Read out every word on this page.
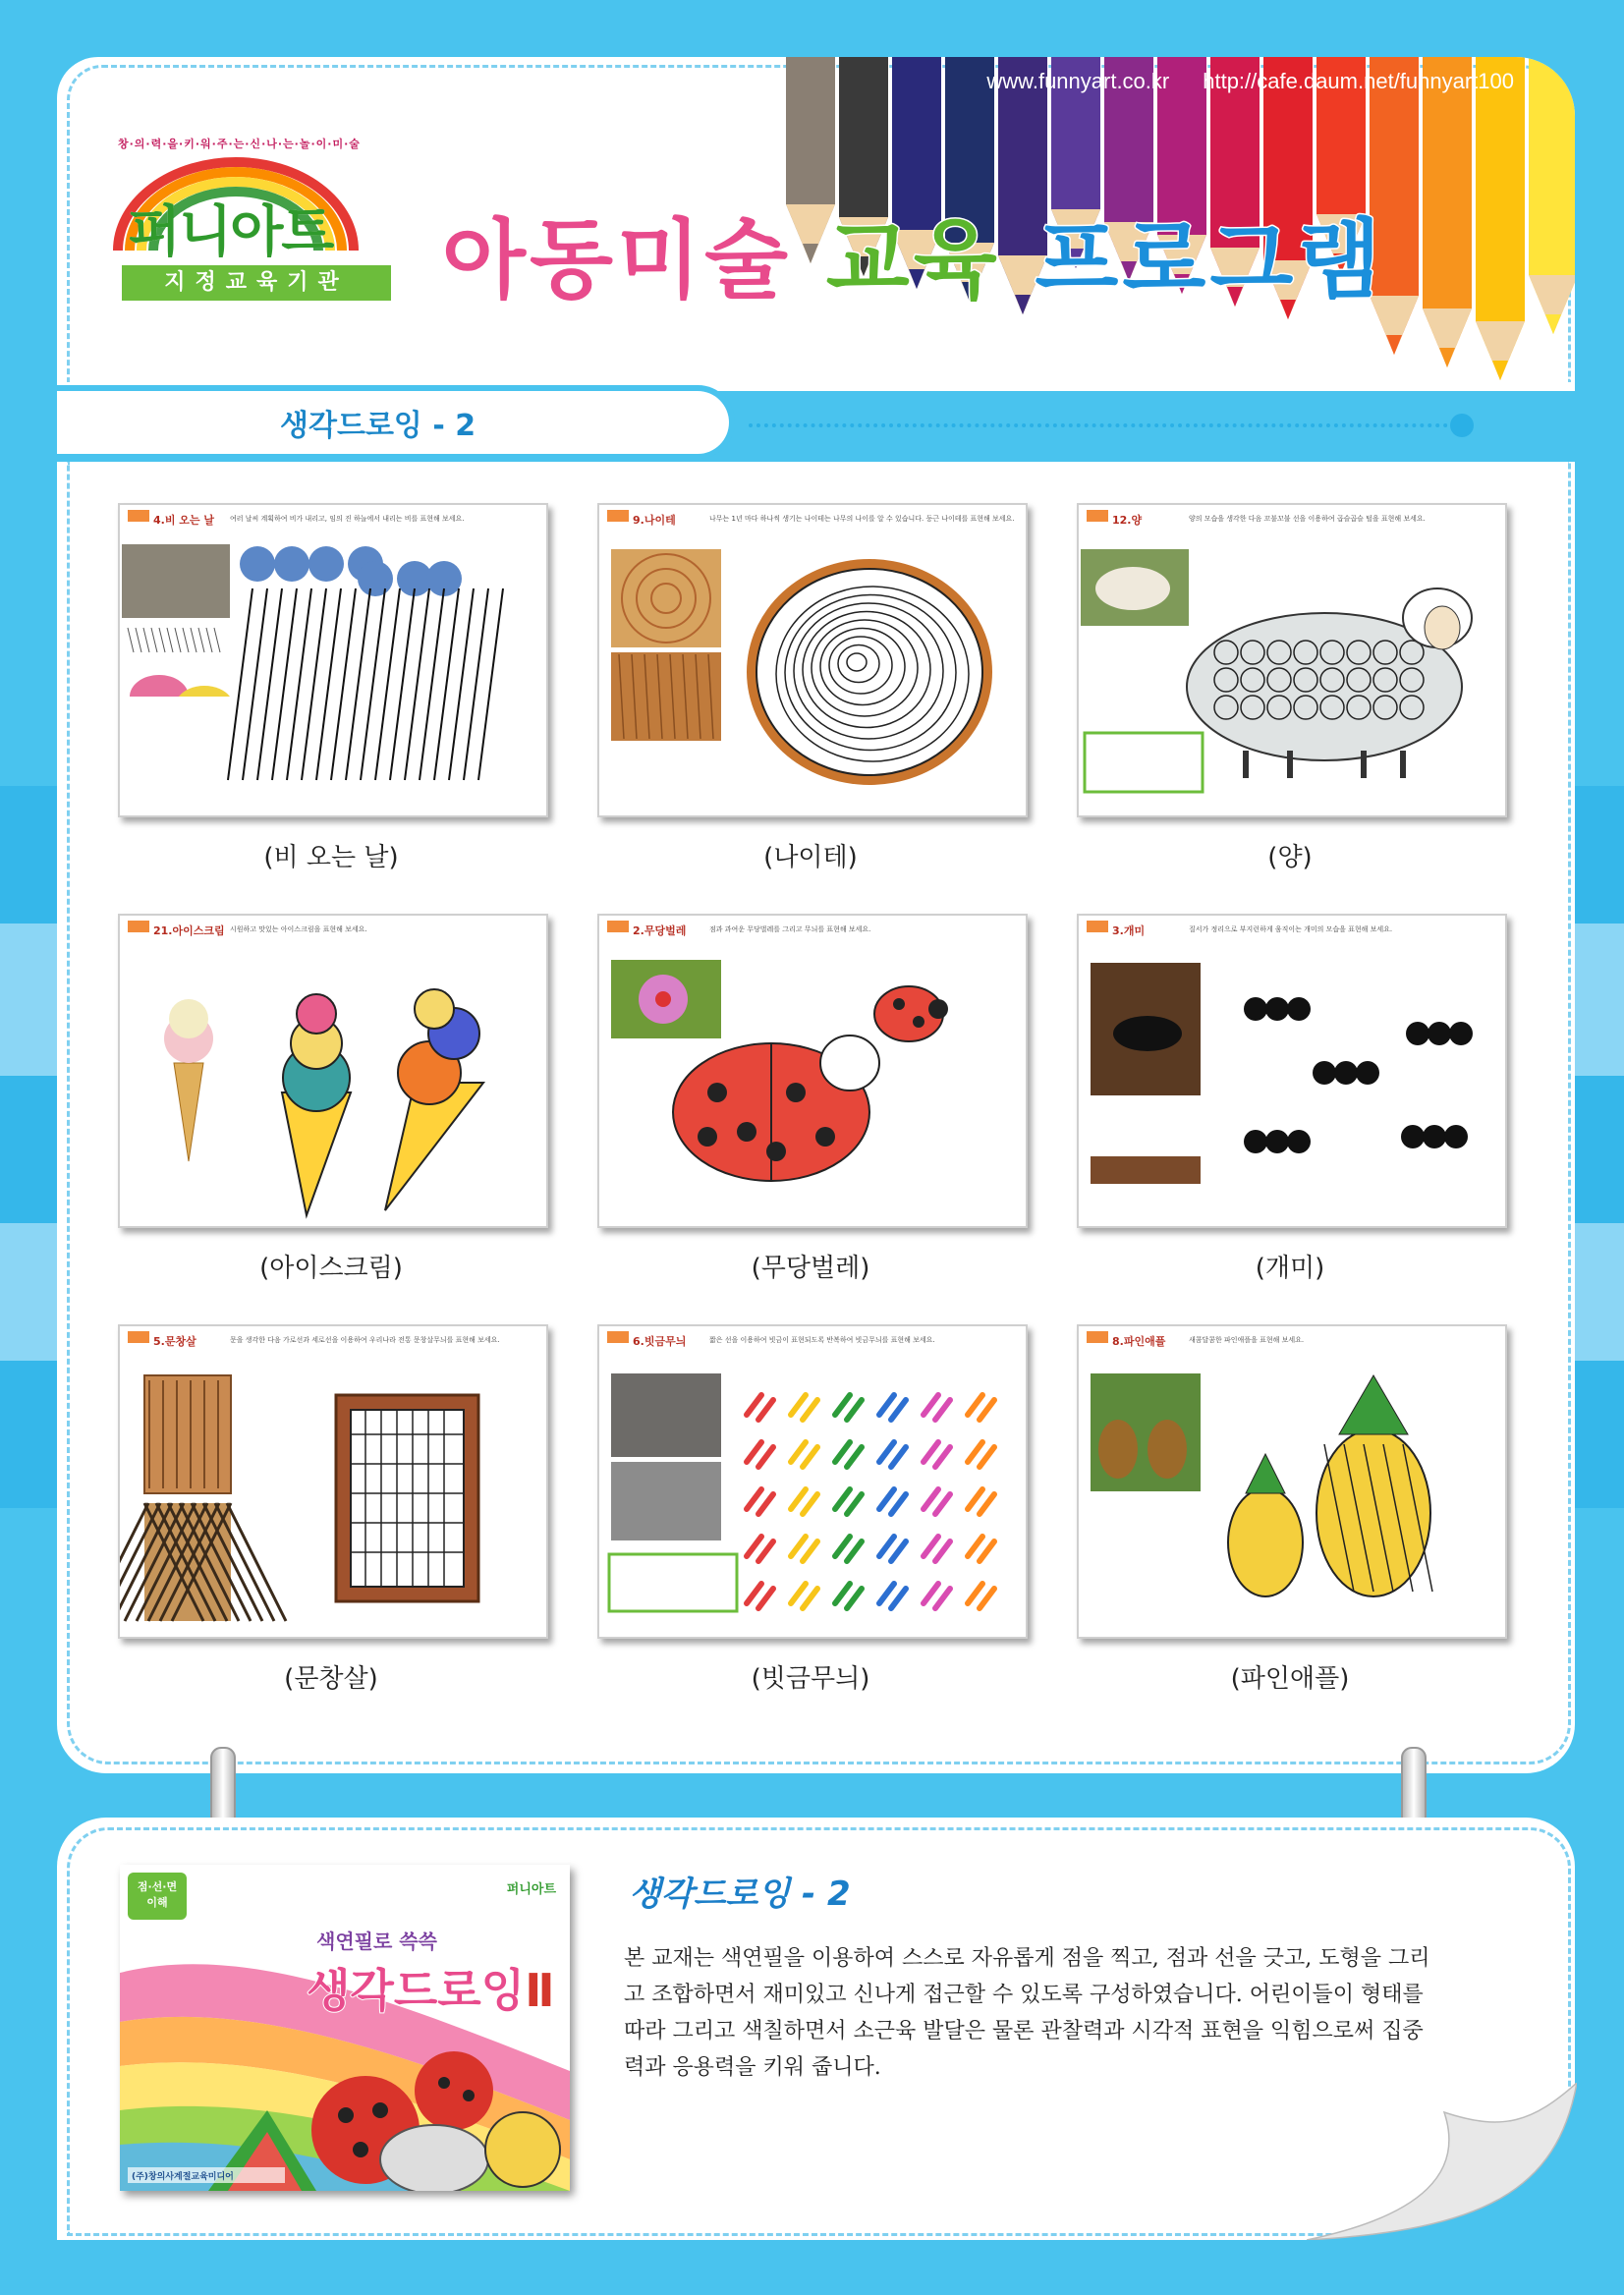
www.funnyart.co.kr http://cafe.daum.net/funnyart100
창·의·력·을·키·워·주·는·신·나·는·놀·이·미·술
퍼니아트
지정교육기관	아동미술 교육 프로그램
생각드로잉 - 2
4.비 오는 날 여러 날씨 계획하여 비가 내리고, 임의 진 하늘에서 내리는 비를 표현해 보세요.
(비 오는 날)
9.나이테	나무는 1년 마다 하나씩 생기는 나이테는 나무의 나이를 알 수 있습니다. 둥근 나이테를 표현해 보세요.
(나이테)
12.양	양의 모습을 생각한 다음 꼬불꼬불 선을 이용하여 곱슬곱슬 털을 표현해 보세요.
(양)
21.아이스크림 시원하고 맛있는 아이스크림을 표현해 보세요.
(아이스크림)
2.무당벌레	점과 과여운 무당벌레를 그리고 무늬를 표현해 보세요.
(무당벌레)
3.개미	질서가 정리으로 부지런하게 움직이는 개미의 모습을 표현해 보세요.
(개미)
5.문창살	문을 생각한 다음 가로선과 세로선을 이용하여 우리나라 전통 문창살무늬를 표현해 보세요.
(문창살)
6.빗금무늬	짧은 선을 이용하여 빗금이 표현되도록 반복하여 빗금무늬를 표현해 보세요.
(빗금무늬)
8.파인애플	새콤달콤한 파인애플을 표현해 보세요.
(파인애플)
점·선·면
이해
퍼니아트
색연필로 쓱쓱
생각드로잉Ⅱ
(주)창의사계절교육미디어
생각드로잉 - 2
본 교재는 색연필을 이용하여 스스로 자유롭게 점을 찍고, 점과 선을 긋고, 도형을 그리고 조합하면서 재미있고 신나게 접근할 수 있도록 구성하였습니다. 어린이들이 형태를 따라 그리고 색칠하면서 소근육 발달은 물론 관찰력과 시각적 표현을 익힘으로써 집중력과 응용력을 키워 줍니다.
